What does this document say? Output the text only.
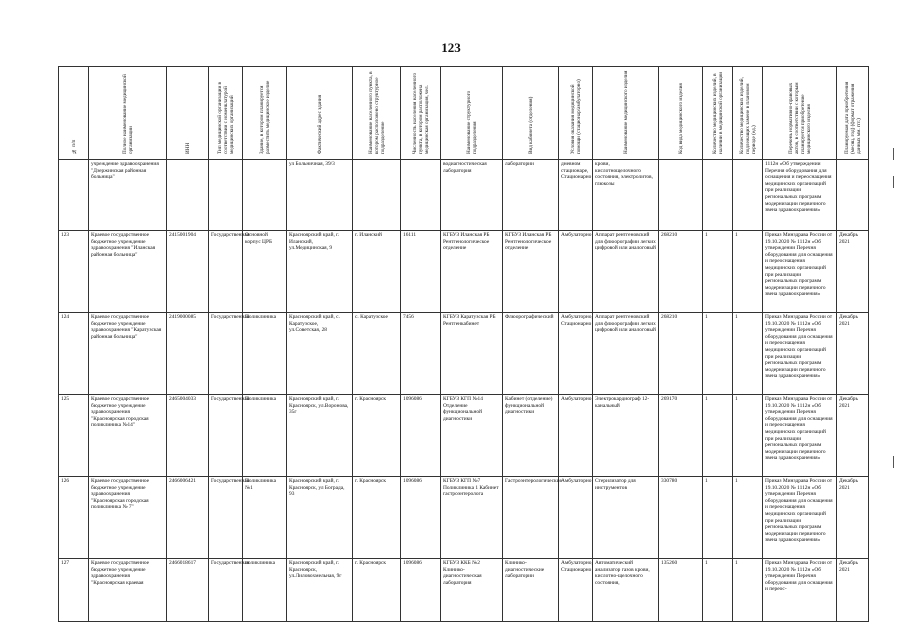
123
№ п/п	Полное наименование медицинской организации	ИНН	Тип медицинской организации в соответствии с номенклатурой медицинских организаций	Здание, в котором планируется разместить медицинское изделие	Фактический адрес здания	Наименование населенного пункта, в котором расположено структурное подразделение	Численность населения населенного пункта, в котором расположена медицинская организация, чел.	Наименование структурного подразделения	Вид кабинета (отделения)	Условия оказания медицинской помощи (стационар/амбулаторно)	Наименование медицинского изделия	Код вида медицинского изделия	Количество медицинских изделий, в наличии в медицинской организации	Количество медицинских изделий, подлежащих замене в плановом периоде (ед.)	Перечень нормативно-правовых актов, в соответствии с которым планируется приобретение медицинского изделия	Планируемая дата приобретения (месяц, год) (формат отражения данных мм. ггг.)
	учреждение здравоохранения "Дзержинская районная больница"				ул Больничная, 39/3			водиагностическая лаборатория	лаборатории	дневном стационаре, Стационарно	крови, кислотнощелочного состояния, электролитов, глюкозы				1112н «Об утверждении Перечня оборудования для оснащения и переоснащения медицинских организаций при реализации региональных программ модернизации первичного звена здравоохранения»	
123	Краевое государственное бюджетное учреждение здравоохранения "Иланская районная больница"	2415001904	Государственная	Основной корпус ЦРБ	Красноярский край, г. Иланский, ул.Медицинская, 9	г. Иланский	16111	КГБУЗ Иланская РБ Рентгенологическое отделение	КГБУЗ Иланская РБ Рентгенологическое отделение	Амбулаторно	Аппарат рентгеновский для флюорографии легких цифровой или аналоговый	268210	1	1	Приказ Минздрава России от 19.10.2020 № 1112н «Об утверждении Перечня оборудования для оснащения и переоснащения медицинских организаций при реализации региональных программ модернизации первичного звена здравоохранения»	Декабрь 2021
124	Краевое государственное бюджетное учреждение здравоохранения "Каратузская районная больница"	2419000085	Государственная	Поликлиника	Красноярский край, с. Каратузское, ул.Советская, 28	с. Каратузское	7456	КГБУЗ Каратузская РБ Рентгенкабинет	Флюорографический	Амбулаторно, Стационарно	Аппарат рентгеновский для флюорографии легких цифровой или аналоговый	268210	1	1	Приказ Минздрава России от 19.10.2020 № 1112н «Об утверждении Перечня оборудования для оснащения и переоснащения медицинских организаций при реализации региональных программ модернизации первичного звена здравоохранения»	Декабрь 2021
125	Краевое государственное бюджетное учреждение здравоохранения "Красноярская городская поликлиника №14"	2465004033	Государственная	Поликлиника	Красноярский край, г. Красноярск, ул.Воронова, 35г	г. Красноярск	1096086	КГБУЗ КГП №14 Отделение функциональной диагностики	Кабинет (отделение) функциональной диагностики	Амбулаторно	Электрокардиограф 12-канальный	269170	1	1	Приказ Минздрава России от 19.10.2020 № 1112н «Об утверждении Перечня оборудования для оснащения и переоснащения медицинских организаций при реализации региональных программ модернизации первичного звена здравоохранения»	Декабрь 2021
126	Краевое государственное бюджетное учреждение здравоохранения "Красноярская городская поликлиника № 7"	2466006421	Государственная	Поликлиника №1	Красноярский край, г. Красноярск, ул Бограда, 93	г. Красноярск	1096086	КГБУЗ КГП №7 Поликлиника 1 Кабинет гастроэнтеролога	Гастроэнтерологические	Амбулаторно	Стерилизатор для инструментов	330780	1	1	Приказ Минздрава России от 19.10.2020 № 1112н «Об утверждении Перечня оборудования для оснащения и переоснащения медицинских организаций при реализации региональных программ модернизации первичного звена здравоохранения»	Декабрь 2021
127	Краевое государственное бюджетное учреждение здравоохранения "Красноярская краевая	2466018617	Государственная	поликлиника	Красноярский край, г. Красноярск, ул.Лиловохмельная, 9г	г. Красноярск	1096086	КГБУЗ ККБ №2 Клинико-диагностическая лаборатория	Клинико-диагностические лаборатории	Амбулаторно, Стационарно	Автоматический анализатор газов крови, кислотно-щелочного состояния,	135260	1	1	Приказ Минздрава России от 19.10.2020 № 1112н «Об утверждении Перечня оборудования для оснащения и переос-	Декабрь 2021
